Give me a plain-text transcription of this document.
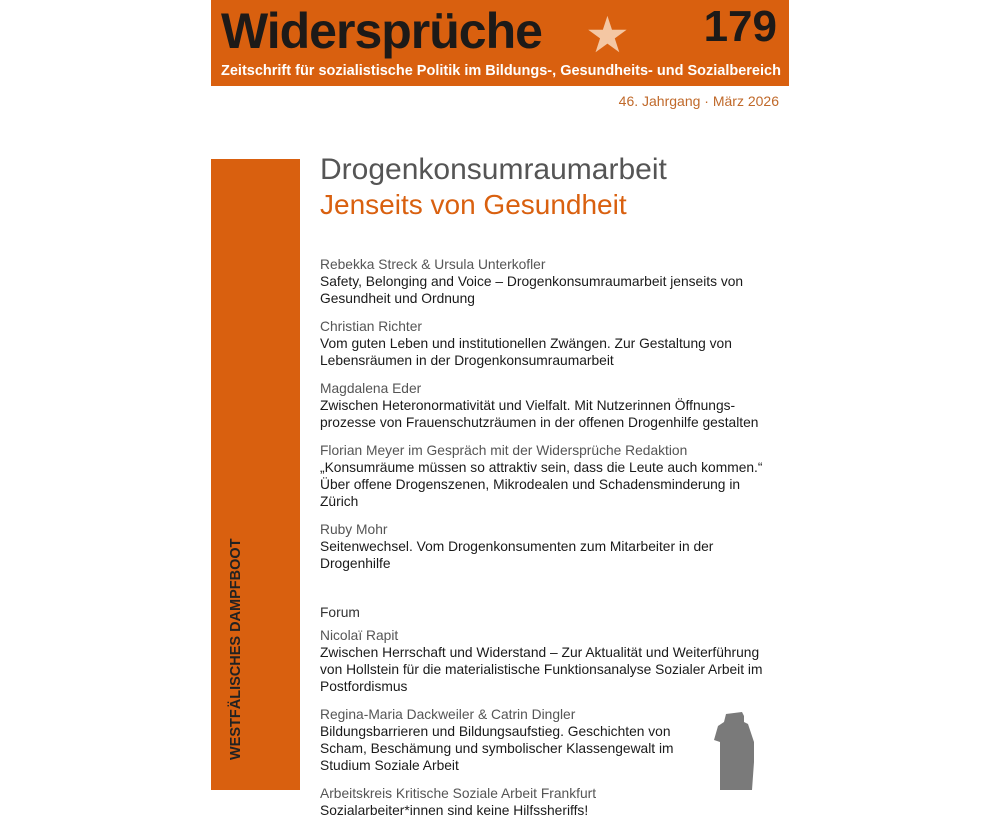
Widersprüche ★ 179
Zeitschrift für sozialistische Politik im Bildungs-, Gesundheits- und Sozialbereich
46. Jahrgang · März 2026
WESTFÄLISCHES DAMPFBOOT
Drogenkonsumraumarbeit
Jenseits von Gesundheit
Rebekka Streck & Ursula Unterkofler
Safety, Belonging and Voice – Drogenkonsumraumarbeit jenseits von Gesundheit und Ordnung
Christian Richter
Vom guten Leben und institutionellen Zwängen. Zur Gestaltung von Lebensräumen in der Drogenkonsumraumarbeit
Magdalena Eder
Zwischen Heteronormativität und Vielfalt. Mit Nutzerinnen Öffnungs-prozesse von Frauenschutzräumen in der offenen Drogenhilfe gestalten
Florian Meyer im Gespräch mit der Widersprüche Redaktion
„Konsumräume müssen so attraktiv sein, dass die Leute auch kommen.“ Über offene Drogenszenen, Mikrodealen und Schadensminderung in Zürich
Ruby Mohr
Seitenwechsel. Vom Drogenkonsumenten zum Mitarbeiter in der Drogenhilfe
Forum
Nicolaï Rapit
Zwischen Herrschaft und Widerstand – Zur Aktualität und Weiterführung von Hollstein für die materialistische Funktionsanalyse Sozialer Arbeit im Postfordismus
Regina-Maria Dackweiler & Catrin Dingler
Bildungsbarrieren und Bildungsaufstieg. Geschichten von Scham, Beschämung und symbolischer Klassengewalt im Studium Soziale Arbeit
Arbeitskreis Kritische Soziale Arbeit Frankfurt
Sozialarbeiter*innen sind keine Hilfssheriffs!
